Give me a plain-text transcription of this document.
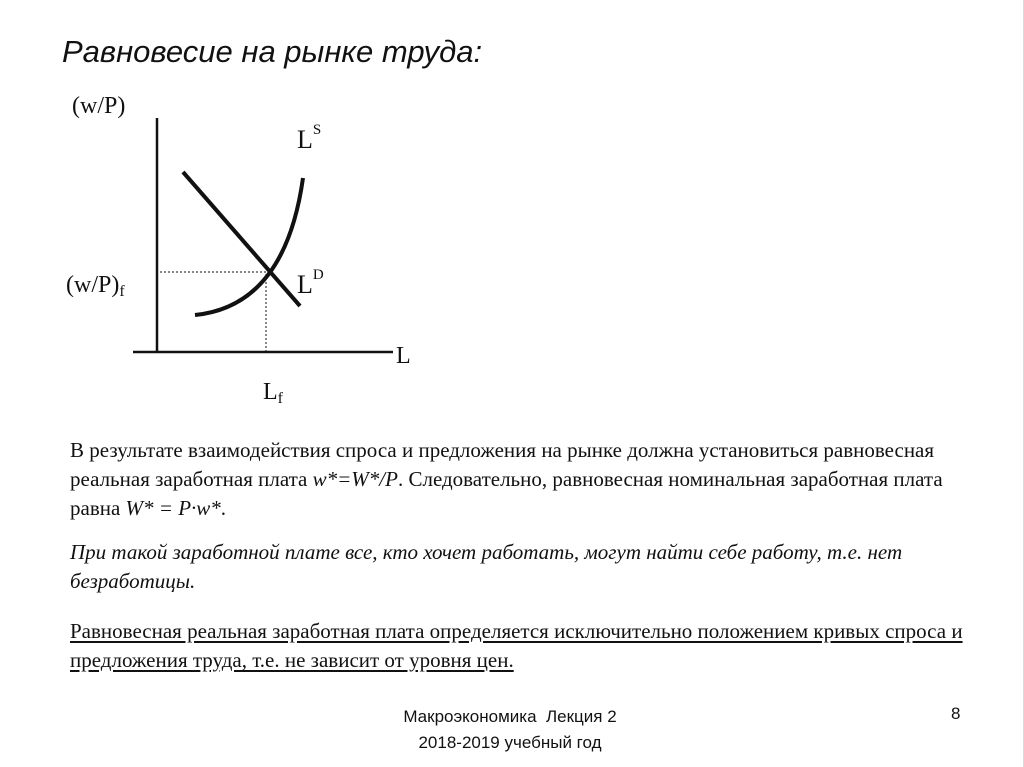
Равновесие на рынке труда:
(w/P)
(w/P)f
L
Lf
$L^S$
$L^D$
В результате взаимодействия спроса и предложения на рынке должна установиться равновесная реальная заработная плата w*=W*/P. Следовательно, равновесная номинальная заработная плата равна W* = P·w*.
При такой заработной плате все, кто хочет работать, могут найти себе работу, т.е. нет безработицы.
Равновесная реальная заработная плата определяется исключительно положением кривых спроса и предложения труда, т.е. не зависит от уровня цен.
Макроэкономика Лекция 2
2018-2019 учебный год
8
